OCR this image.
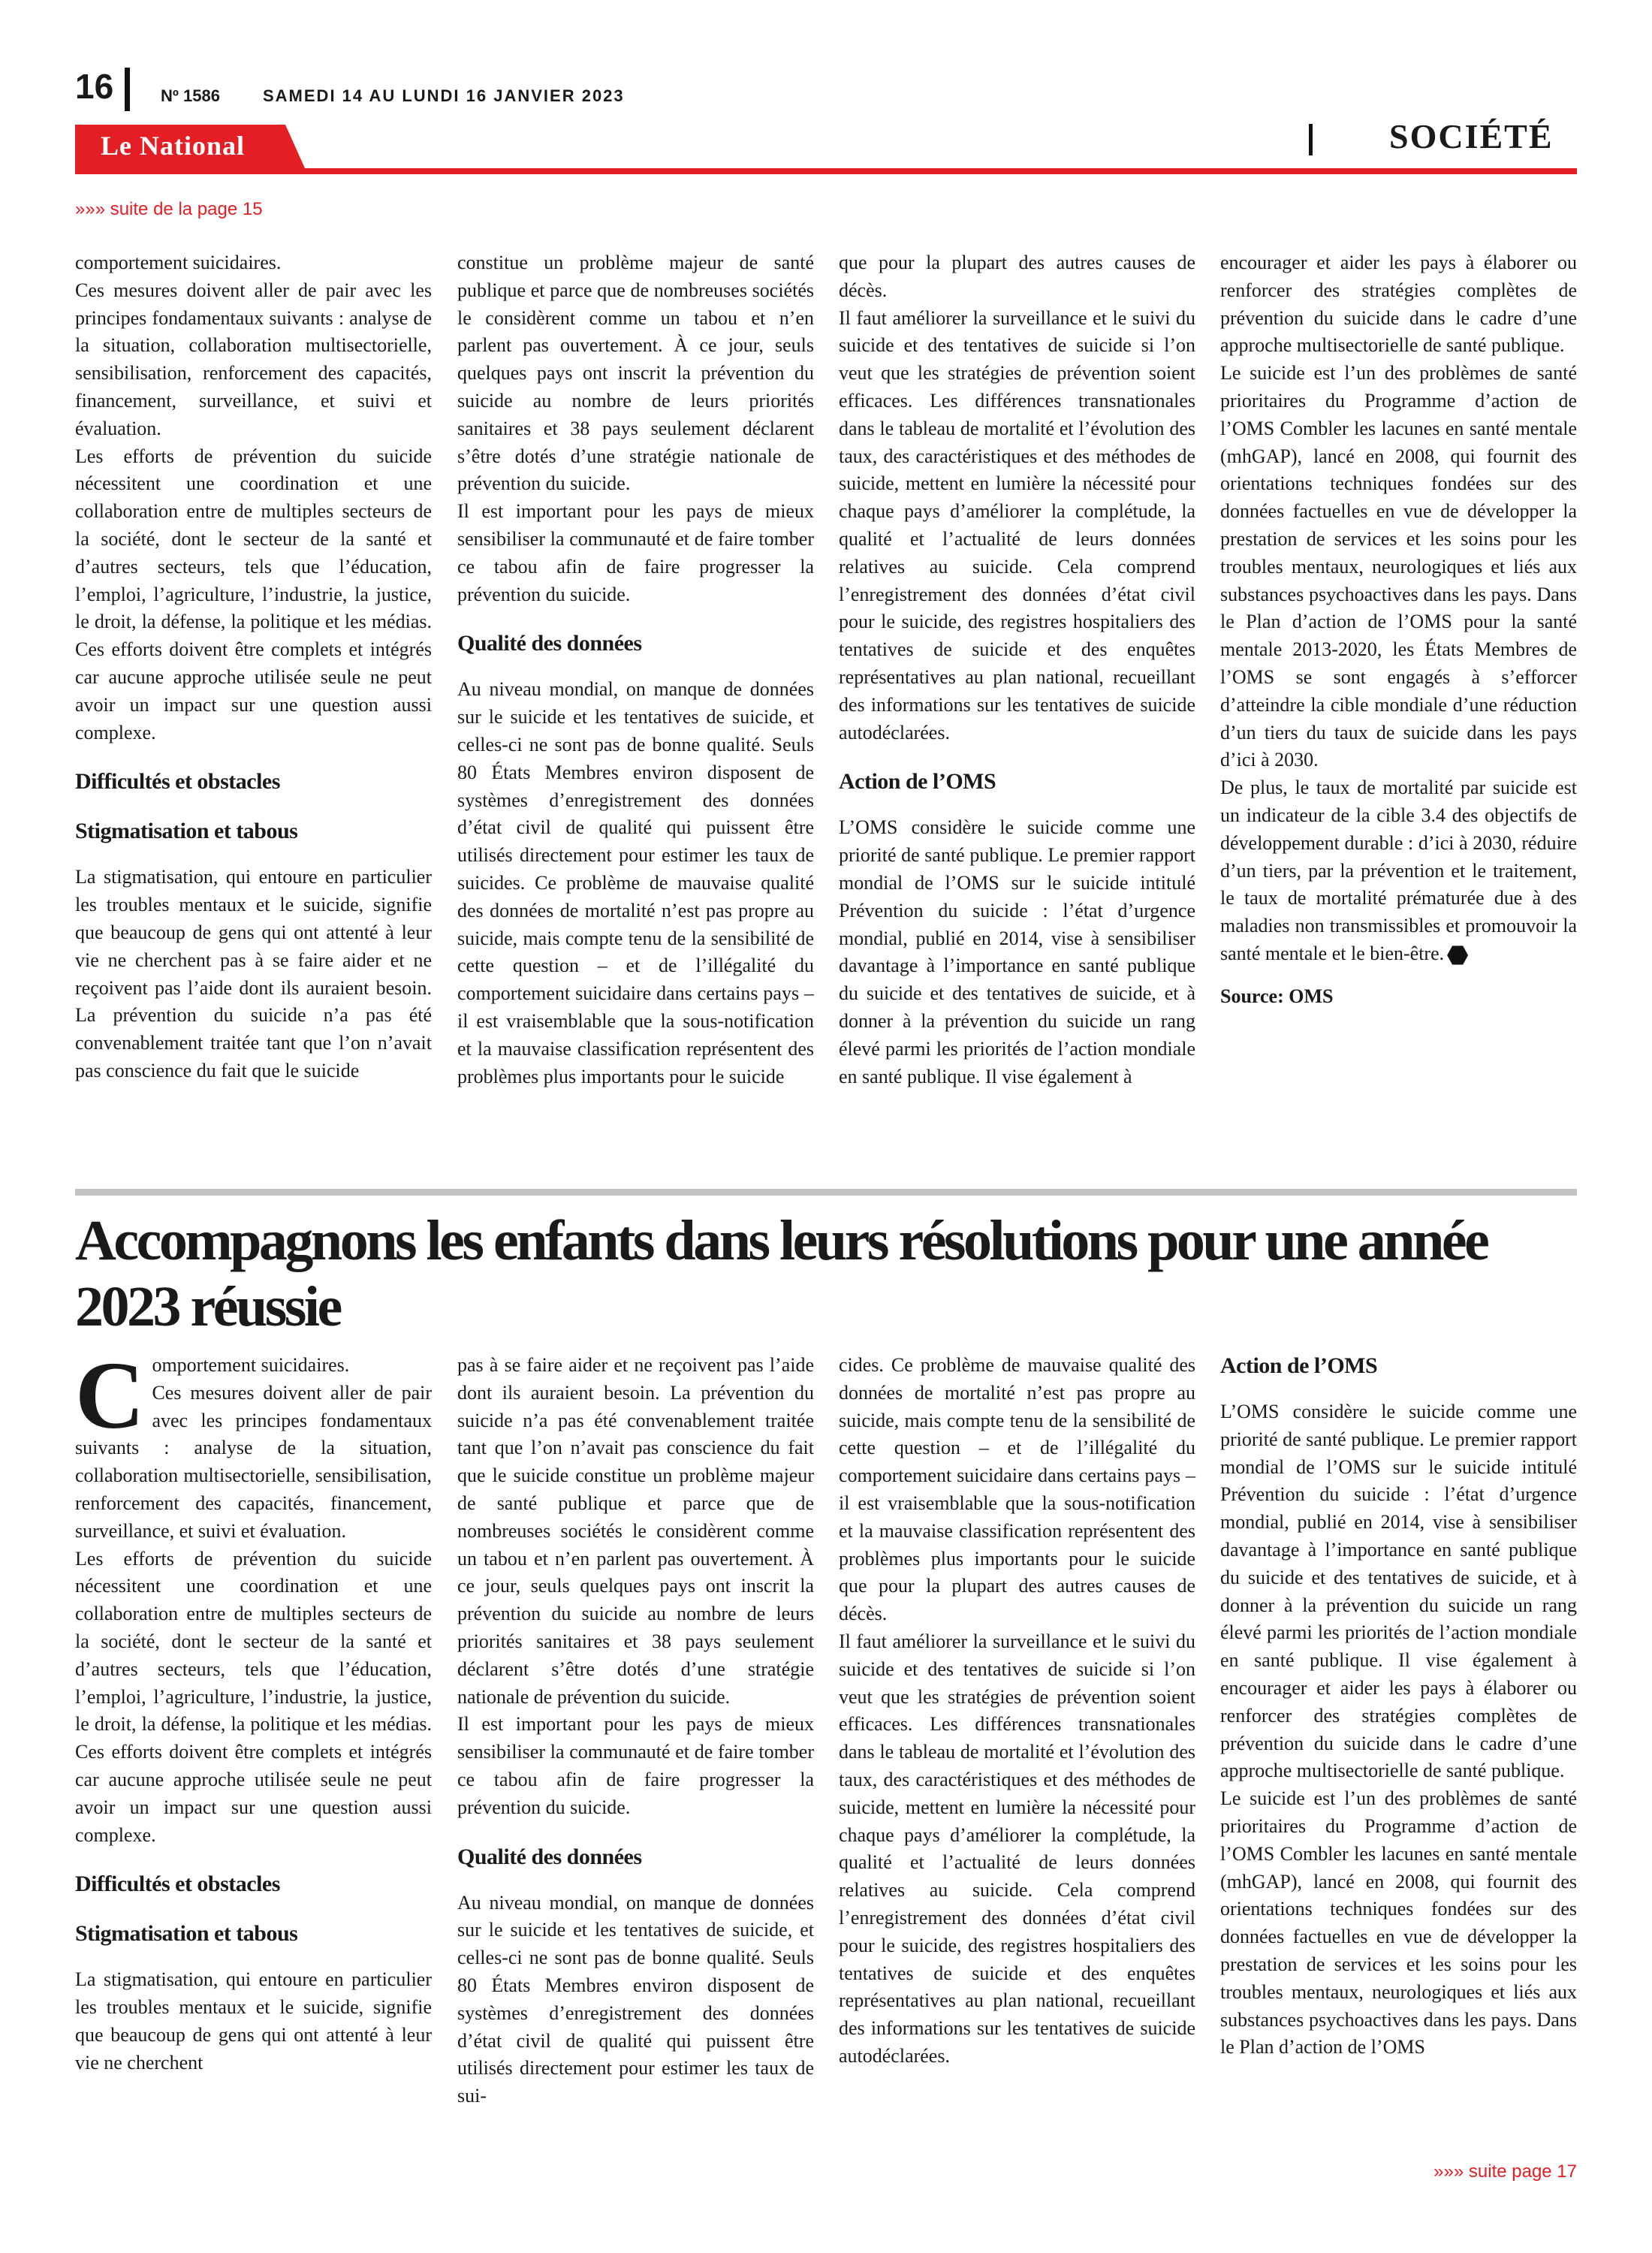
16	Nº 1586	SAMEDI 14 AU LUNDI 16 JANVIER 2023
Le National	SOCIÉTÉ
»»» suite de la page 15

comportement suicidaires.

Ces mesures doivent aller de pair avec les principes fondamentaux suivants : analyse de la situation, collaboration multisectorielle, sensibilisation, renforcement des capacités, financement, surveillance, et suivi et évaluation.

Les efforts de prévention du suicide nécessitent une coordination et une collaboration entre de multiples secteurs de la société, dont le secteur de la santé et d’autres secteurs, tels que l’éducation, l’emploi, l’agriculture, l’industrie, la justice, le droit, la défense, la politique et les médias. Ces efforts doivent être complets et intégrés car aucune approche utilisée seule ne peut avoir un impact sur une question aussi complexe.

Difficultés et obstacles
Stigmatisation et tabous

La stigmatisation, qui entoure en particulier les troubles mentaux et le suicide, signifie que beaucoup de gens qui ont attenté à leur vie ne cherchent pas à se faire aider et ne reçoivent pas l’aide dont ils auraient besoin. La prévention du suicide n’a pas été convenablement traitée tant que l’on n’avait pas conscience du fait que le suicide

constitue un problème majeur de santé publique et parce que de nombreuses sociétés le considèrent comme un tabou et n’en parlent pas ouvertement. À ce jour, seuls quelques pays ont inscrit la prévention du suicide au nombre de leurs priorités sanitaires et 38 pays seulement déclarent s’être dotés d’une stratégie nationale de prévention du suicide.

Il est important pour les pays de mieux sensibiliser la communauté et de faire tomber ce tabou afin de faire progresser la prévention du suicide.

Qualité des données

Au niveau mondial, on manque de données sur le suicide et les tentatives de suicide, et celles-ci ne sont pas de bonne qualité. Seuls 80 États Membres environ disposent de systèmes d’enregistrement des données d’état civil de qualité qui puissent être utilisés directement pour estimer les taux de suicides. Ce problème de mauvaise qualité des données de mortalité n’est pas propre au suicide, mais compte tenu de la sensibilité de cette question – et de l’illégalité du comportement suicidaire dans certains pays – il est vraisemblable que la sous-notification et la mauvaise classification représentent des problèmes plus importants pour le suicide

que pour la plupart des autres causes de décès.

Il faut améliorer la surveillance et le suivi du suicide et des tentatives de suicide si l’on veut que les stratégies de prévention soient efficaces. Les différences transnationales dans le tableau de mortalité et l’évolution des taux, des caractéristiques et des méthodes de suicide, mettent en lumière la nécessité pour chaque pays d’améliorer la complétude, la qualité et l’actualité de leurs données relatives au suicide. Cela comprend l’enregistrement des données d’état civil pour le suicide, des registres hospitaliers des tentatives de suicide et des enquêtes représentatives au plan national, recueillant des informations sur les tentatives de suicide autodéclarées.

Action de l’OMS

L’OMS considère le suicide comme une priorité de santé publique. Le premier rapport mondial de l’OMS sur le suicide intitulé Prévention du suicide : l’état d’urgence mondial, publié en 2014, vise à sensibiliser davantage à l’importance en santé publique du suicide et des tentatives de suicide, et à donner à la prévention du suicide un rang élevé parmi les priorités de l’action mondiale en santé publique. Il vise également à

encourager et aider les pays à élaborer ou renforcer des stratégies complètes de prévention du suicide dans le cadre d’une approche multisectorielle de santé publique.

Le suicide est l’un des problèmes de santé prioritaires du Programme d’action de l’OMS Combler les lacunes en santé mentale (mhGAP), lancé en 2008, qui fournit des orientations techniques fondées sur des données factuelles en vue de développer la prestation de services et les soins pour les troubles mentaux, neurologiques et liés aux substances psychoactives dans les pays. Dans le Plan d’action de l’OMS pour la santé mentale 2013-2020, les États Membres de l’OMS se sont engagés à s’efforcer d’atteindre la cible mondiale d’une réduction d’un tiers du taux de suicide dans les pays d’ici à 2030.

De plus, le taux de mortalité par suicide est un indicateur de la cible 3.4 des objectifs de développement durable : d’ici à 2030, réduire d’un tiers, par la prévention et le traitement, le taux de mortalité prématurée due à des maladies non transmissibles et promouvoir la santé mentale et le bien-être.

Source: OMS

Accompagnons les enfants dans leurs résolutions pour une année 2023 réussie

Comportement suicidaires.

Ces mesures doivent aller de pair avec les principes fondamentaux suivants : analyse de la situation, collaboration multisectorielle, sensibilisation, renforcement des capacités, financement, surveillance, et suivi et évaluation.

Les efforts de prévention du suicide nécessitent une coordination et une collaboration entre de multiples secteurs de la société, dont le secteur de la santé et d’autres secteurs, tels que l’éducation, l’emploi, l’agriculture, l’industrie, la justice, le droit, la défense, la politique et les médias. Ces efforts doivent être complets et intégrés car aucune approche utilisée seule ne peut avoir un impact sur une question aussi complexe.

Difficultés et obstacles
Stigmatisation et tabous

La stigmatisation, qui entoure en particulier les troubles mentaux et le suicide, signifie que beaucoup de gens qui ont attenté à leur vie ne cherchent

pas à se faire aider et ne reçoivent pas l’aide dont ils auraient besoin. La prévention du suicide n’a pas été convenablement traitée tant que l’on n’avait pas conscience du fait que le suicide constitue un problème majeur de santé publique et parce que de nombreuses sociétés le considèrent comme un tabou et n’en parlent pas ouvertement. À ce jour, seuls quelques pays ont inscrit la prévention du suicide au nombre de leurs priorités sanitaires et 38 pays seulement déclarent s’être dotés d’une stratégie nationale de prévention du suicide.

Il est important pour les pays de mieux sensibiliser la communauté et de faire tomber ce tabou afin de faire progresser la prévention du suicide.

Qualité des données

Au niveau mondial, on manque de données sur le suicide et les tentatives de suicide, et celles-ci ne sont pas de bonne qualité. Seuls 80 États Membres environ disposent de systèmes d’enregistrement des données d’état civil de qualité qui puissent être utilisés directement pour estimer les taux de sui-

cides. Ce problème de mauvaise qualité des données de mortalité n’est pas propre au suicide, mais compte tenu de la sensibilité de cette question – et de l’illégalité du comportement suicidaire dans certains pays – il est vraisemblable que la sous-notification et la mauvaise classification représentent des problèmes plus importants pour le suicide que pour la plupart des autres causes de décès.

Il faut améliorer la surveillance et le suivi du suicide et des tentatives de suicide si l’on veut que les stratégies de prévention soient efficaces. Les différences transnationales dans le tableau de mortalité et l’évolution des taux, des caractéristiques et des méthodes de suicide, mettent en lumière la nécessité pour chaque pays d’améliorer la complétude, la qualité et l’actualité de leurs données relatives au suicide. Cela comprend l’enregistrement des données d’état civil pour le suicide, des registres hospitaliers des tentatives de suicide et des enquêtes représentatives au plan national, recueillant des informations sur les tentatives de suicide autodéclarées.

Action de l’OMS

L’OMS considère le suicide comme une priorité de santé publique. Le premier rapport mondial de l’OMS sur le suicide intitulé Prévention du suicide : l’état d’urgence mondial, publié en 2014, vise à sensibiliser davantage à l’importance en santé publique du suicide et des tentatives de suicide, et à donner à la prévention du suicide un rang élevé parmi les priorités de l’action mondiale en santé publique. Il vise également à encourager et aider les pays à élaborer ou renforcer des stratégies complètes de prévention du suicide dans le cadre d’une approche multisectorielle de santé publique.

Le suicide est l’un des problèmes de santé prioritaires du Programme d’action de l’OMS Combler les lacunes en santé mentale (mhGAP), lancé en 2008, qui fournit des orientations techniques fondées sur des données factuelles en vue de développer la prestation de services et les soins pour les troubles mentaux, neurologiques et liés aux substances psychoactives dans les pays. Dans le Plan d’action de l’OMS

»»» suite page 17
